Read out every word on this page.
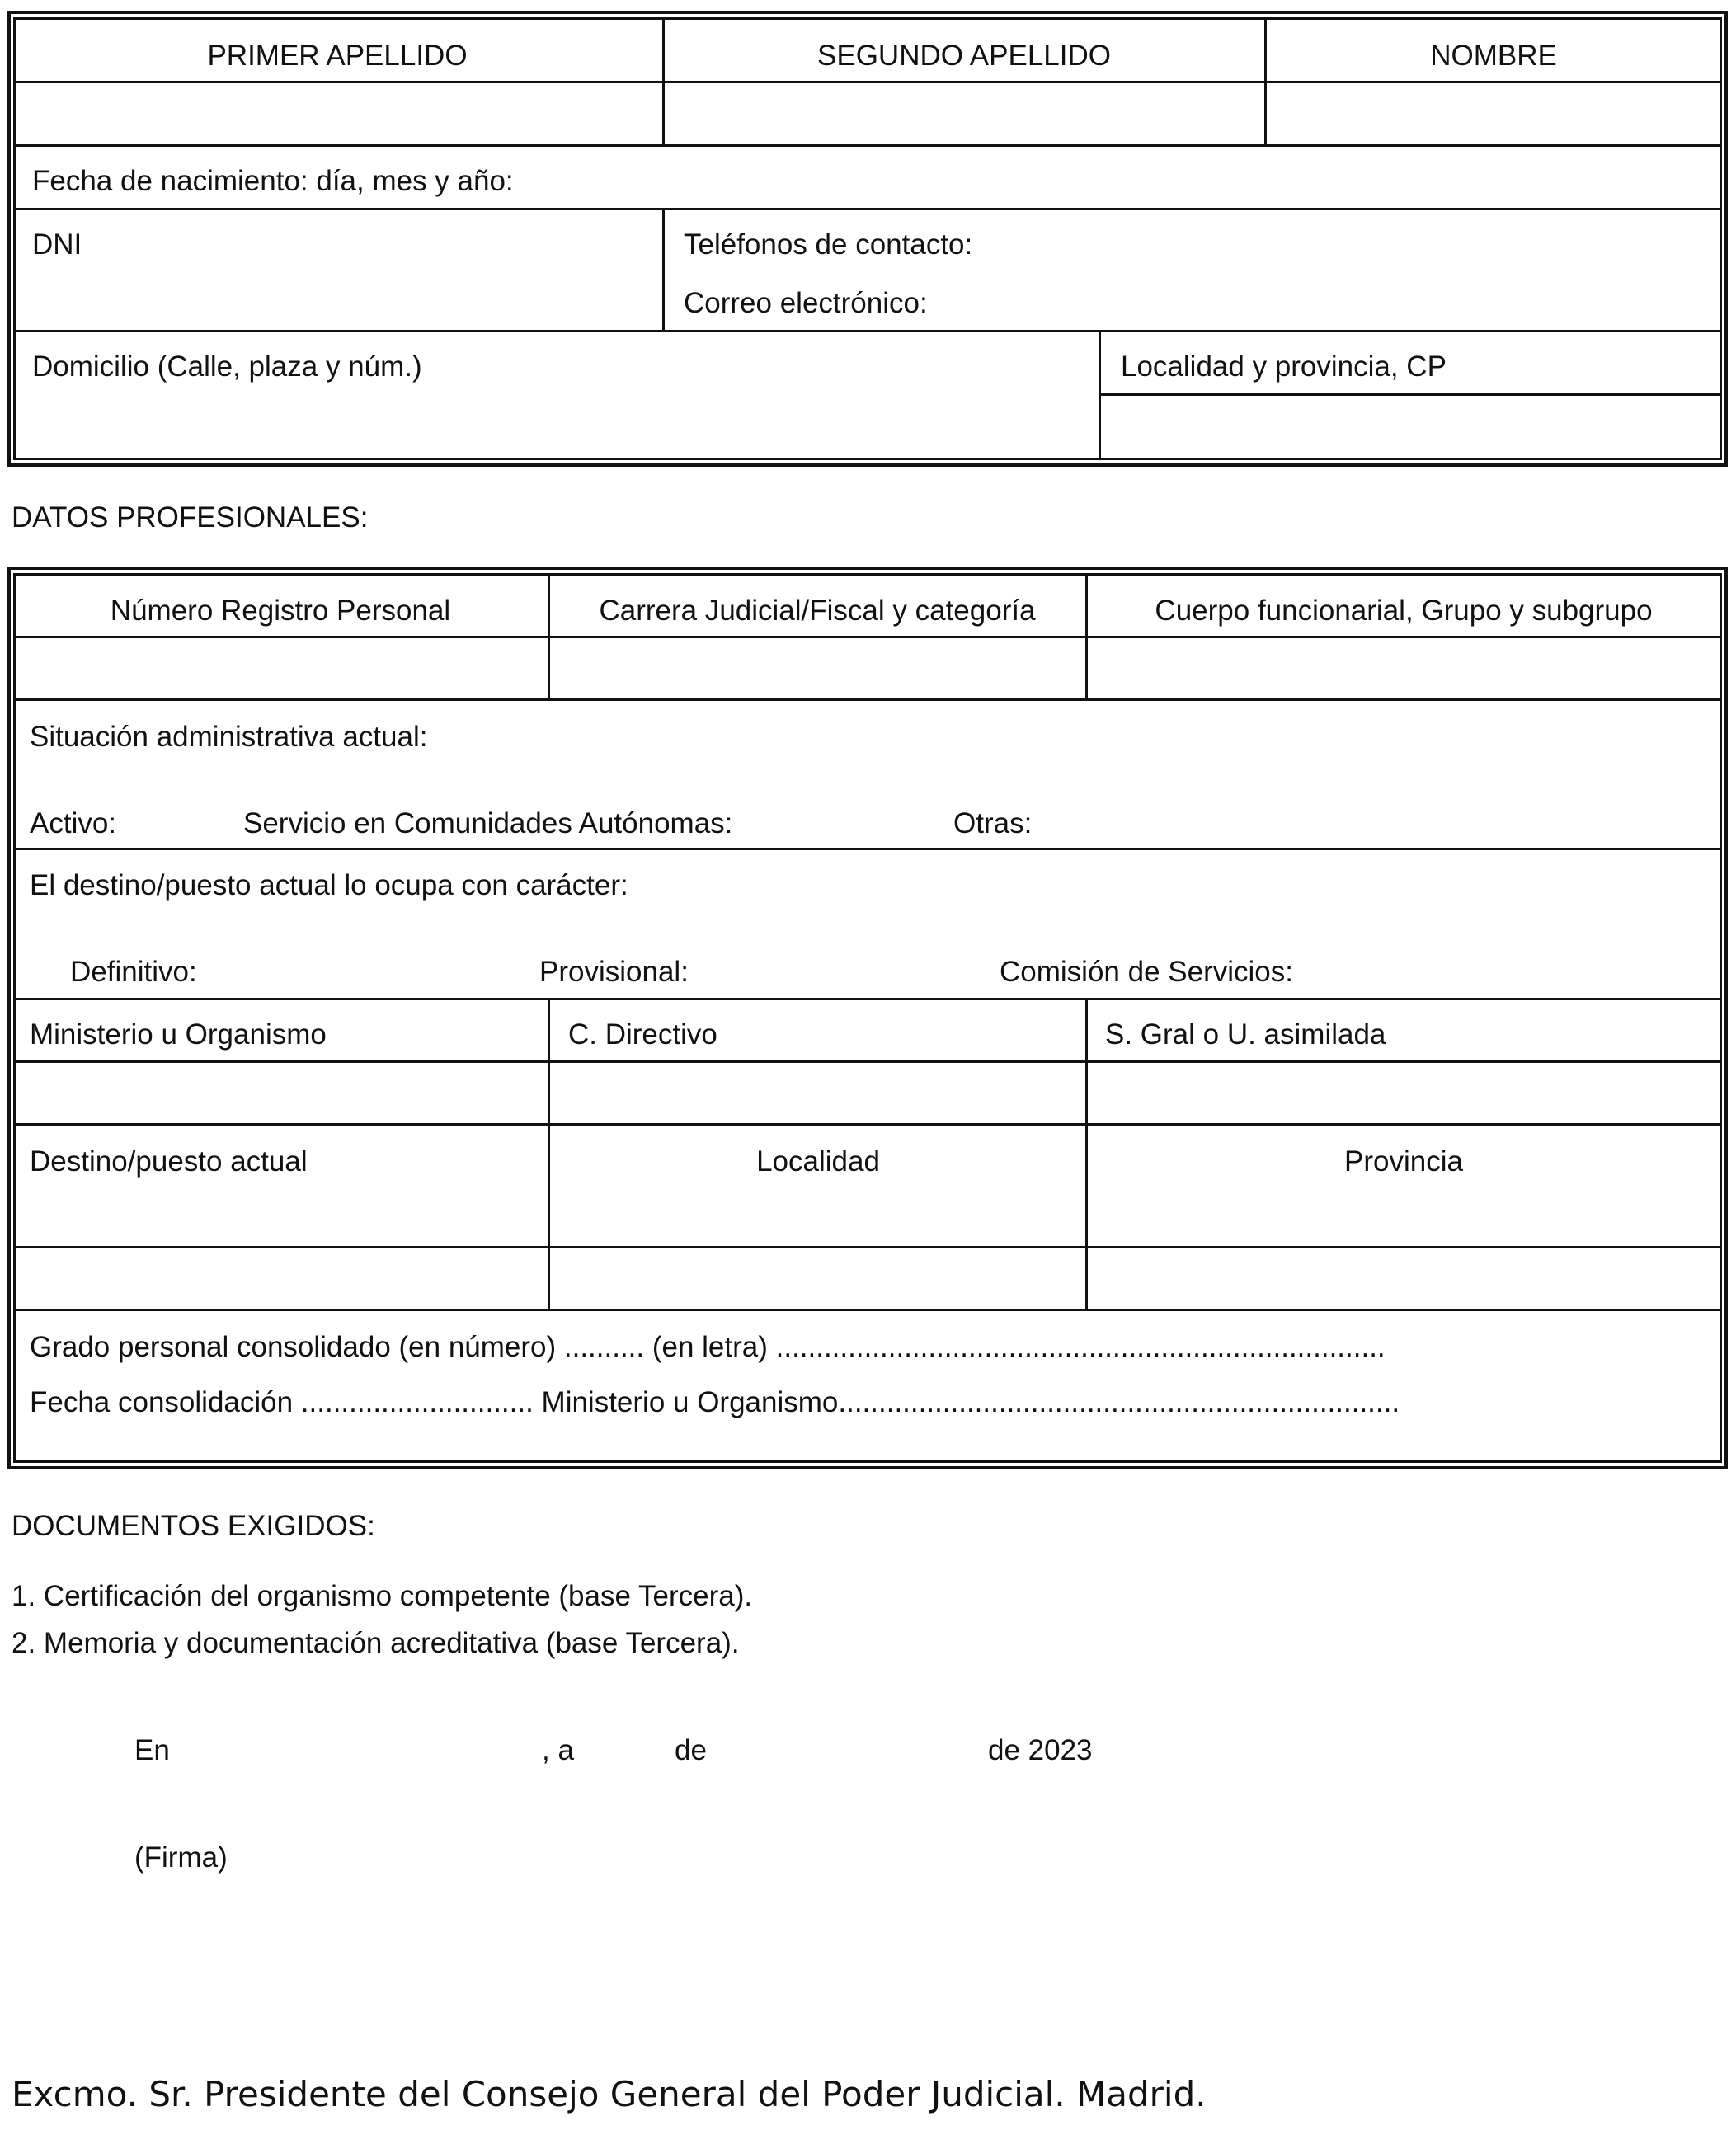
PRIMER APELLIDO	SEGUNDO APELLIDO	NOMBRE
Fecha de nacimiento: día, mes y año:
DNI	Teléfonos de contacto:
Correo electrónico:
Domicilio (Calle, plaza y núm.)	Localidad y provincia, CP
DATOS PROFESIONALES:
Número Registro Personal	Carrera Judicial/Fiscal y categoría	Cuerpo funcionarial, Grupo y subgrupo
Situación administrativa actual:
Activo:	Servicio en Comunidades Autónomas:	Otras:
El destino/puesto actual lo ocupa con carácter:
Definitivo:	Provisional:	Comisión de Servicios:
Ministerio u Organismo	C. Directivo	S. Gral o U. asimilada
Destino/puesto actual	Localidad	Provincia
Grado personal consolidado (en número) .......... (en letra) ............................................................................
Fecha consolidación ............................. Ministerio u Organismo......................................................................
DOCUMENTOS EXIGIDOS:
1. Certificación del organismo competente (base Tercera).
2. Memoria y documentación acreditativa (base Tercera).
En	, a	de	de 2023
(Firma)
Excmo. Sr. Presidente del Consejo General del Poder Judicial. Madrid.
